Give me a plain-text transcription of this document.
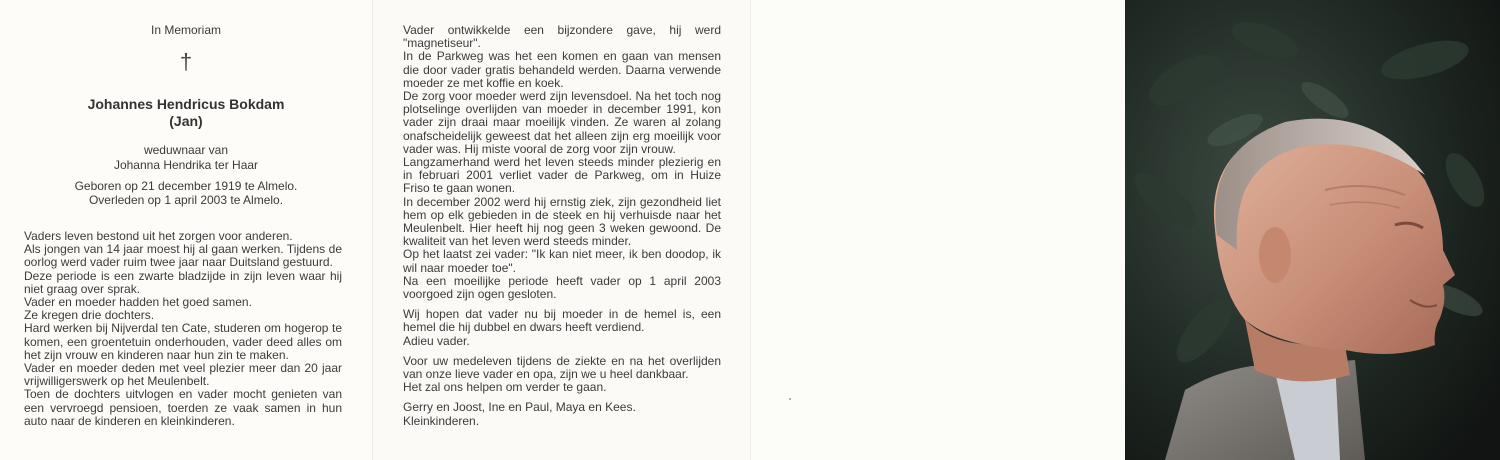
In Memoriam
†
Johannes Hendricus Bokdam
(Jan)
weduwnaar van
Johanna Hendrika ter Haar
Geboren op 21 december 1919 te Almelo.
Overleden op 1 april 2003 te Almelo.

Vaders leven bestond uit het zorgen voor anderen.

Als jongen van 14 jaar moest hij al gaan werken. Tijdens de oorlog werd vader ruim twee jaar naar Duitsland gestuurd.

Deze periode is een zwarte bladzijde in zijn leven waar hij niet graag over sprak.

Vader en moeder hadden het goed samen.

Ze kregen drie dochters.

Hard werken bij Nijverdal ten Cate, studeren om hogerop te komen, een groentetuin onderhouden, vader deed alles om het zijn vrouw en kinderen naar hun zin te maken.

Vader en moeder deden met veel plezier meer dan 20 jaar vrijwilligerswerk op het Meulenbelt.

Toen de dochters uitvlogen en vader mocht genieten van een vervroegd pensioen, toerden ze vaak samen in hun auto naar de kinderen en kleinkinderen.

Vader ontwikkelde een bijzondere gave, hij werd "magnetiseur".

In de Parkweg was het een komen en gaan van mensen die door vader gratis behandeld werden. Daarna verwende moeder ze met koffie en koek.

De zorg voor moeder werd zijn levensdoel. Na het toch nog plotselinge overlijden van moeder in december 1991, kon vader zijn draai maar moeilijk vinden. Ze waren al zolang onafscheidelijk geweest dat het alleen zijn erg moeilijk voor vader was. Hij miste vooral de zorg voor zijn vrouw.

Langzamerhand werd het leven steeds minder plezierig en in februari 2001 verliet vader de Parkweg, om in Huize Friso te gaan wonen.

In december 2002 werd hij ernstig ziek, zijn gezondheid liet hem op elk gebieden in de steek en hij verhuisde naar het Meulenbelt. Hier heeft hij nog geen 3 weken gewoond. De kwaliteit van het leven werd steeds minder.

Op het laatst zei vader: "Ik kan niet meer, ik ben doodop, ik wil naar moeder toe".

Na een moeilijke periode heeft vader op 1 april 2003 voorgoed zijn ogen gesloten.

Wij hopen dat vader nu bij moeder in de hemel is, een hemel die hij dubbel en dwars heeft verdiend.

Adieu vader.

Voor uw medeleven tijdens de ziekte en na het overlijden van onze lieve vader en opa, zijn we u heel dankbaar.

Het zal ons helpen om verder te gaan.

Gerry en Joost, Ine en Paul, Maya en Kees.

Kleinkinderen.
